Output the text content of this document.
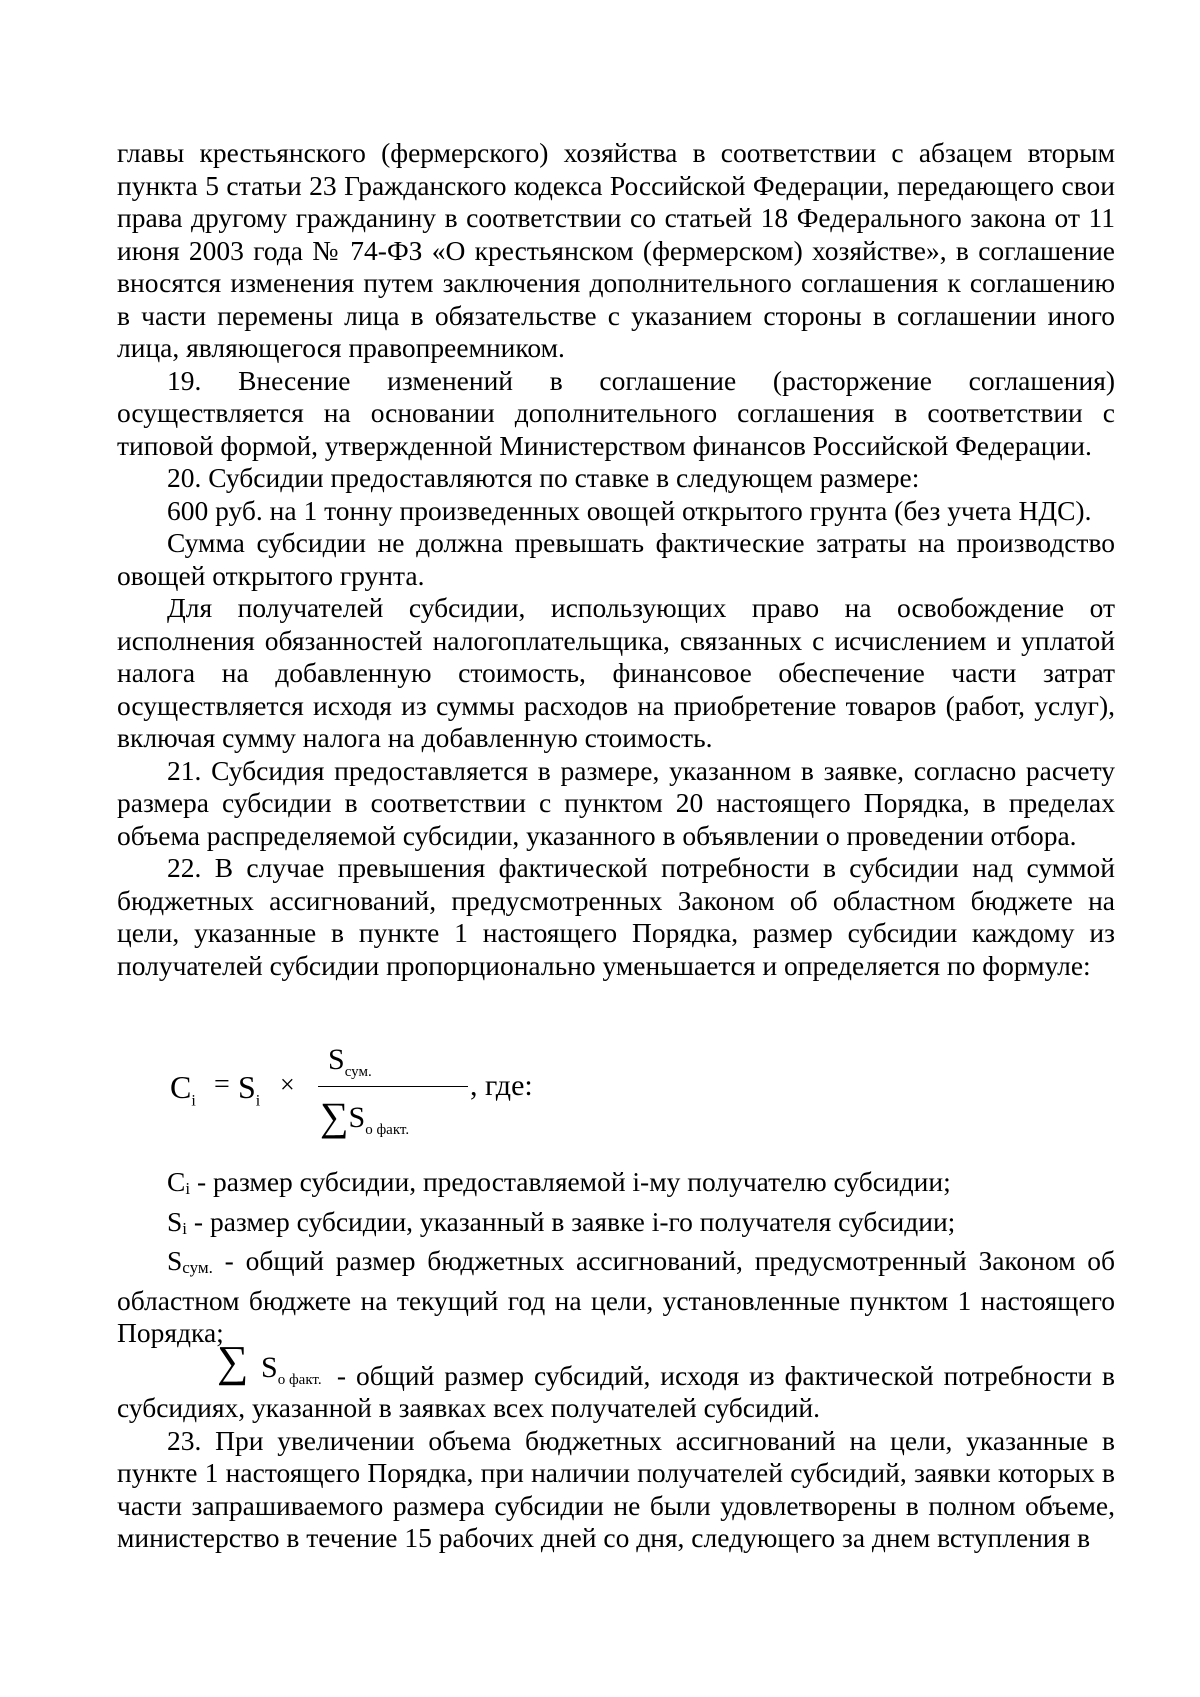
главы крестьянского (фермерского) хозяйства в соответствии с абзацем вторым пункта 5 статьи 23 Гражданского кодекса Российской Федерации, передающего свои права другому гражданину в соответствии со статьей 18 Федерального закона от 11 июня 2003 года № 74-ФЗ «О крестьянском (фермерском) хозяйстве», в соглашение вносятся изменения путем заключения дополнительного соглашения к соглашению в части перемены лица в обязательстве с указанием стороны в соглашении иного лица, являющегося правопреемником.

19. Внесение изменений в соглашение (расторжение соглашения) осуществляется на основании дополнительного соглашения в соответствии с типовой формой, утвержденной Министерством финансов Российской Федерации.

20. Субсидии предоставляются по ставке в следующем размере:

600 руб. на 1 тонну произведенных овощей открытого грунта (без учета НДС).

Сумма субсидии не должна превышать фактические затраты на производство овощей открытого грунта.

Для получателей субсидии, использующих право на освобождение от исполнения обязанностей налогоплательщика, связанных с исчислением и уплатой налога на добавленную стоимость, финансовое обеспечение части затрат осуществляется исходя из суммы расходов на приобретение товаров (работ, услуг), включая сумму налога на добавленную стоимость.

21. Субсидия предоставляется в размере, указанном в заявке, согласно расчету размера субсидии в соответствии с пунктом 20 настоящего Порядка, в пределах объема распределяемой субсидии, указанного в объявлении о проведении отбора.

22. В случае превышения фактической потребности в субсидии над суммой бюджетных ассигнований, предусмотренных Законом об областном бюджете на цели, указанные в пункте 1 настоящего Порядка, размер субсидии каждому из получателей субсидии пропорционально уменьшается и определяется по формуле:

$C_i$
= $S_i$
×
$S_{сум.}$
$\sum S_{о факт.}$
, где:

Ci - размер субсидии, предоставляемой i-му получателю субсидии;

Si - размер субсидии, указанный в заявке i-го получателя субсидии;

Sсум. - общий размер бюджетных ассигнований, предусмотренный Законом об областном бюджете на текущий год на цели, установленные пунктом 1 настоящего Порядка;

∑ $S_{о факт.}$ - общий размер субсидий, исходя из фактической потребности в субсидиях, указанной в заявках всех получателей субсидий.

23. При увеличении объема бюджетных ассигнований на цели, указанные в пункте 1 настоящего Порядка, при наличии получателей субсидий, заявки которых в части запрашиваемого размера субсидии не были удовлетворены в полном объеме, министерство в течение 15 рабочих дней со дня, следующего за днем вступления в
